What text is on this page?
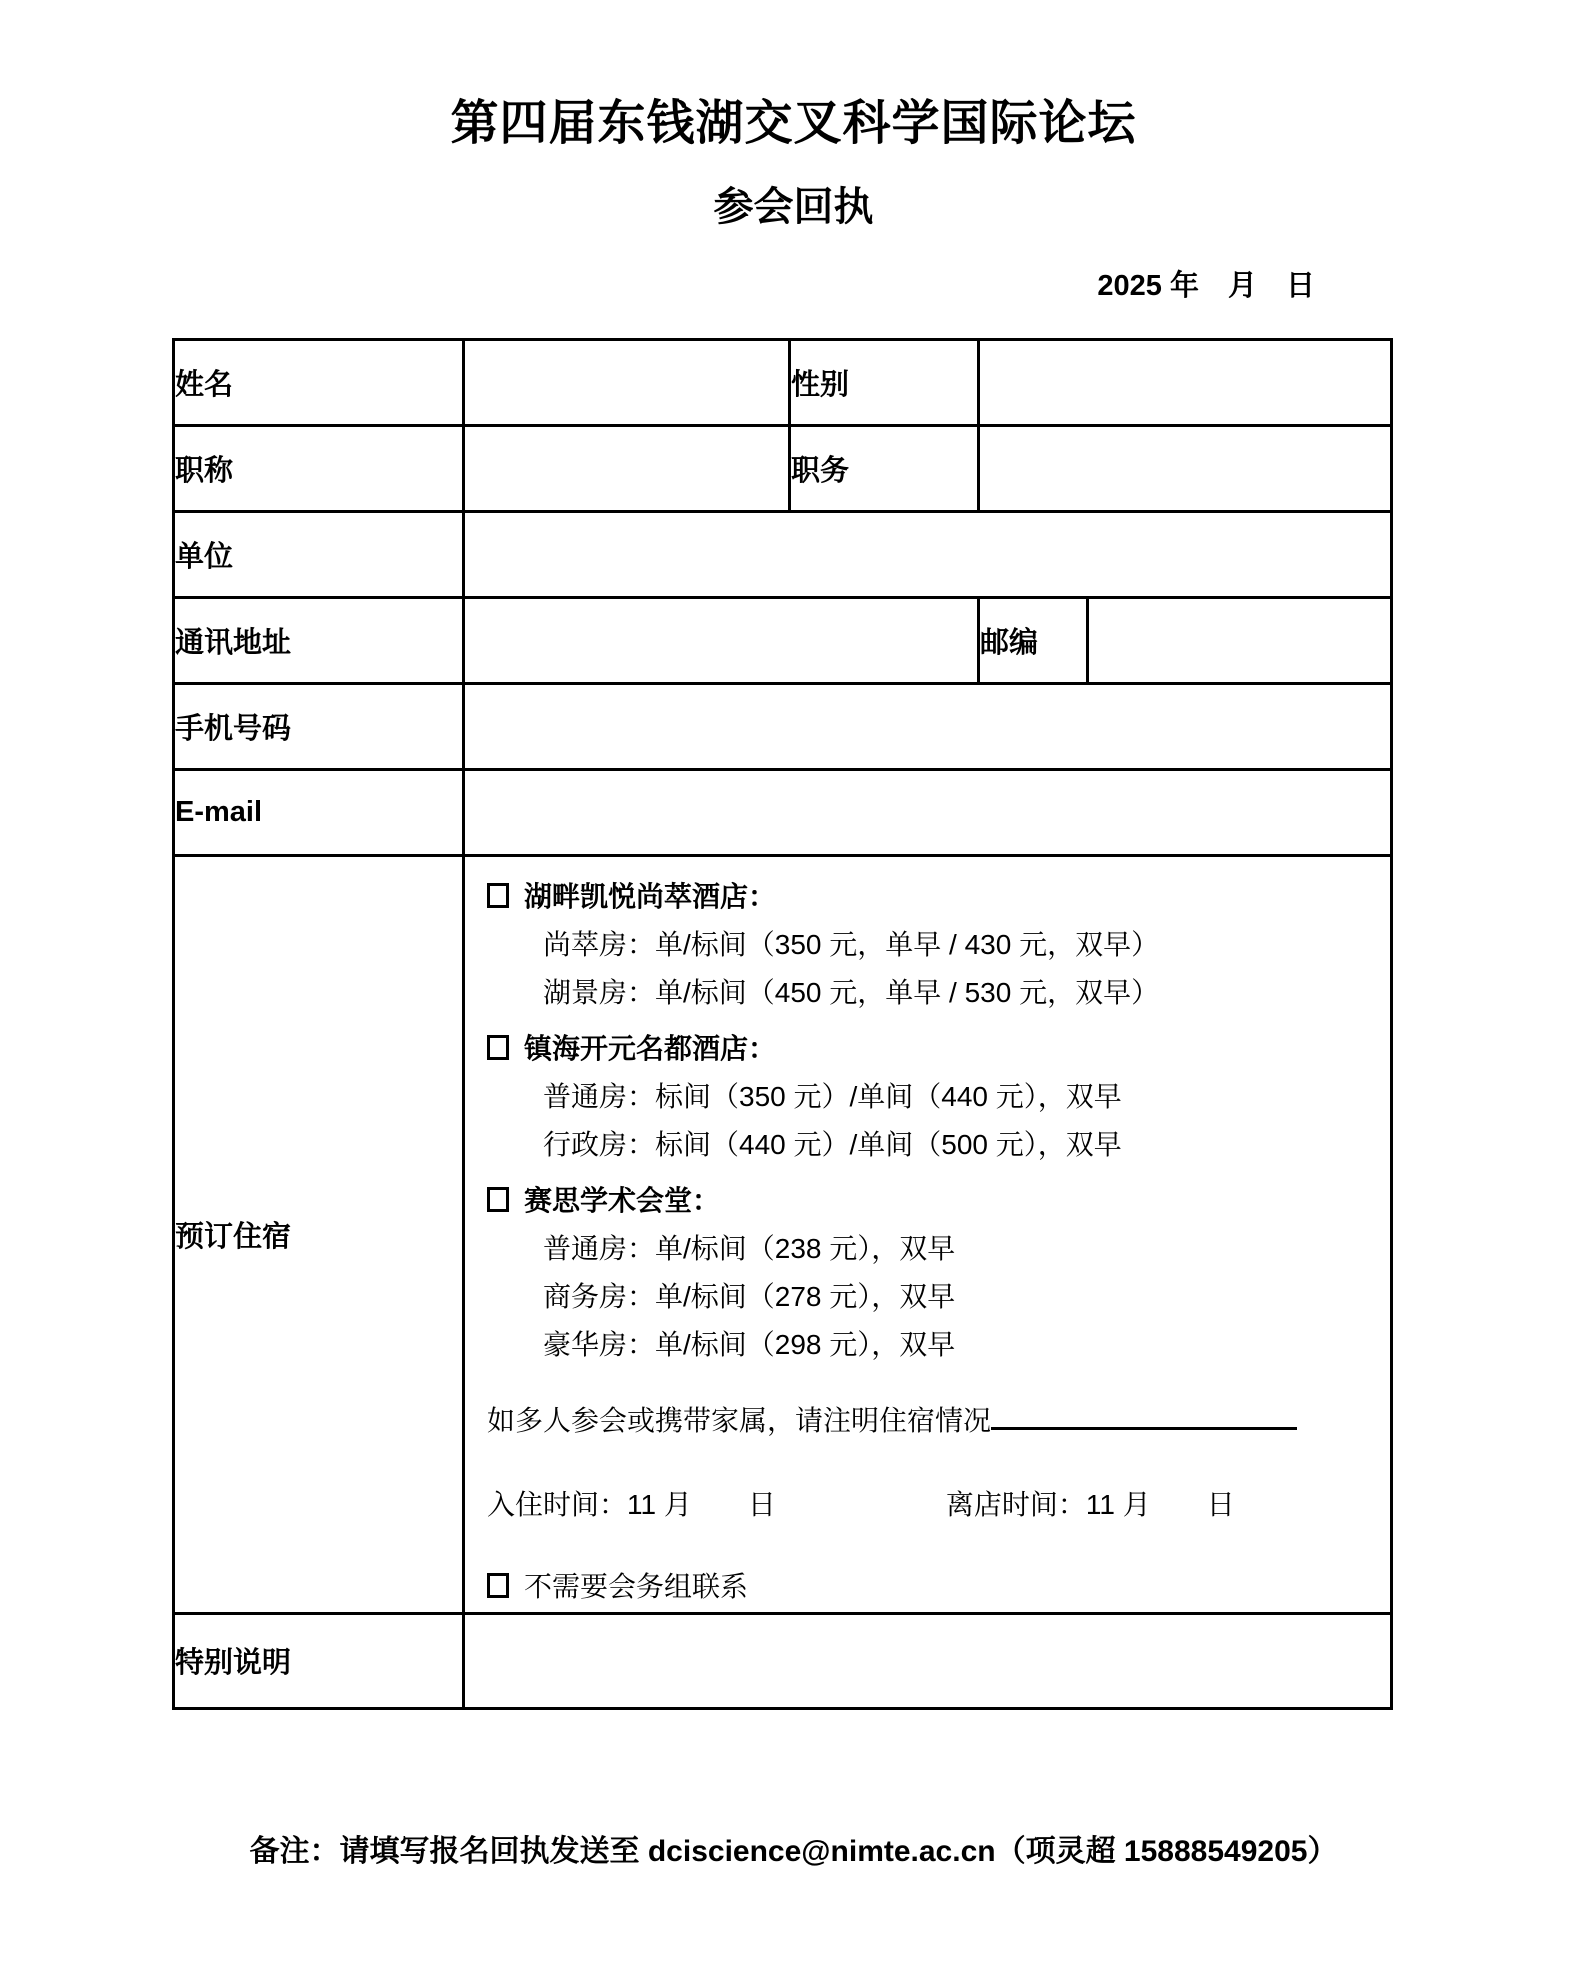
第四届东钱湖交叉科学国际论坛
参会回执
2025 年　月　日
姓名		性别		
职称		职务		
单位				
通讯地址			邮编	
手机号码				
E-mail				
预订住宿	
湖畔凯悦尚萃酒店：
尚萃房：单/标间（350 元，单早 / 430 元，双早）
湖景房：单/标间（450 元，单早 / 530 元，双早）
镇海开元名都酒店：
普通房：标间（350 元）/单间（440 元），双早
行政房：标间（440 元）/单间（500 元），双早
赛思学术会堂：
普通房：单/标间（238 元），双早
商务房：单/标间（278 元），双早
豪华房：单/标间（298 元），双早
如多人参会或携带家属，请注明住宿情况
入住时间：11 月　　日	离店时间：11 月　　日
不需要会务组联系

特别说明				
备注：请填写报名回执发送至 dciscience@nimte.ac.cn（项灵超 15888549205）
